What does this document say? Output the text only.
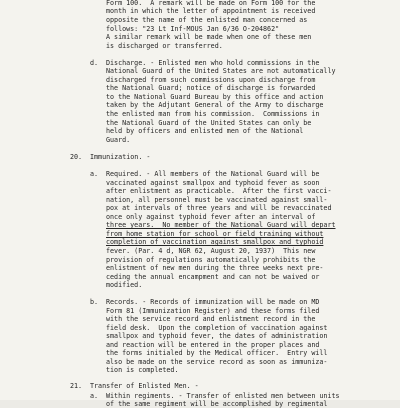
Form 100.  A remark will be made on Form 100 for the
month in which the letter of appointment is received
opposite the name of the enlisted man concerned as
follows: "23 Lt Inf-MOUS Jan 6/36 O-204862"
A similar remark will be made when one of these men
is discharged or transferred.
d. Discharge. - Enlisted men who hold commissions in the
National Guard of the United States are not automatically
discharged from such commissions upon discharge from
the National Guard; notice of discharge is forwarded
to the National Guard Bureau by this office and action
taken by the Adjutant General of the Army to discharge
the enlisted man from his commission.  Commissions in
the National Guard of the United States can only be
held by officers and enlisted men of the National
Guard.
20. Immunization. -
a. Required. - All members of the National Guard will be
vaccinated against smallpox and typhoid fever as soon
after enlistment as practicable.  After the first vacci-
nation, all personnel must be vaccinated against small-
pox at intervals of three years and will be revaccinated
once only against typhoid fever after an interval of
three years.  No member of the National Guard will depart
from home station for school or field training without
completion of vaccination against smallpox and typhoid
fever. (Par. 4 d, NGR 62, August 20, 1937)  This new
provision of regulations automatically prohibits the
enlistment of new men during the three weeks next pre-
ceding the annual encampment and can not be waived or
modified.
b. Records. - Records of immunization will be made on MD
Form 81 (Immunization Register) and these forms filed
with the service record and enlistment record in the
field desk.  Upon the completion of vaccination against
smallpox and typhoid fever, the dates of administration
and reaction will be entered in the proper places and
the forms initialed by the Medical officer.  Entry will
also be made on the service record as soon as immuniza-
tion is completed.
21. Transfer of Enlisted Men. -
a. Within regiments. - Transfer of enlisted men between units
of the same regiment will be accomplished by regimental
